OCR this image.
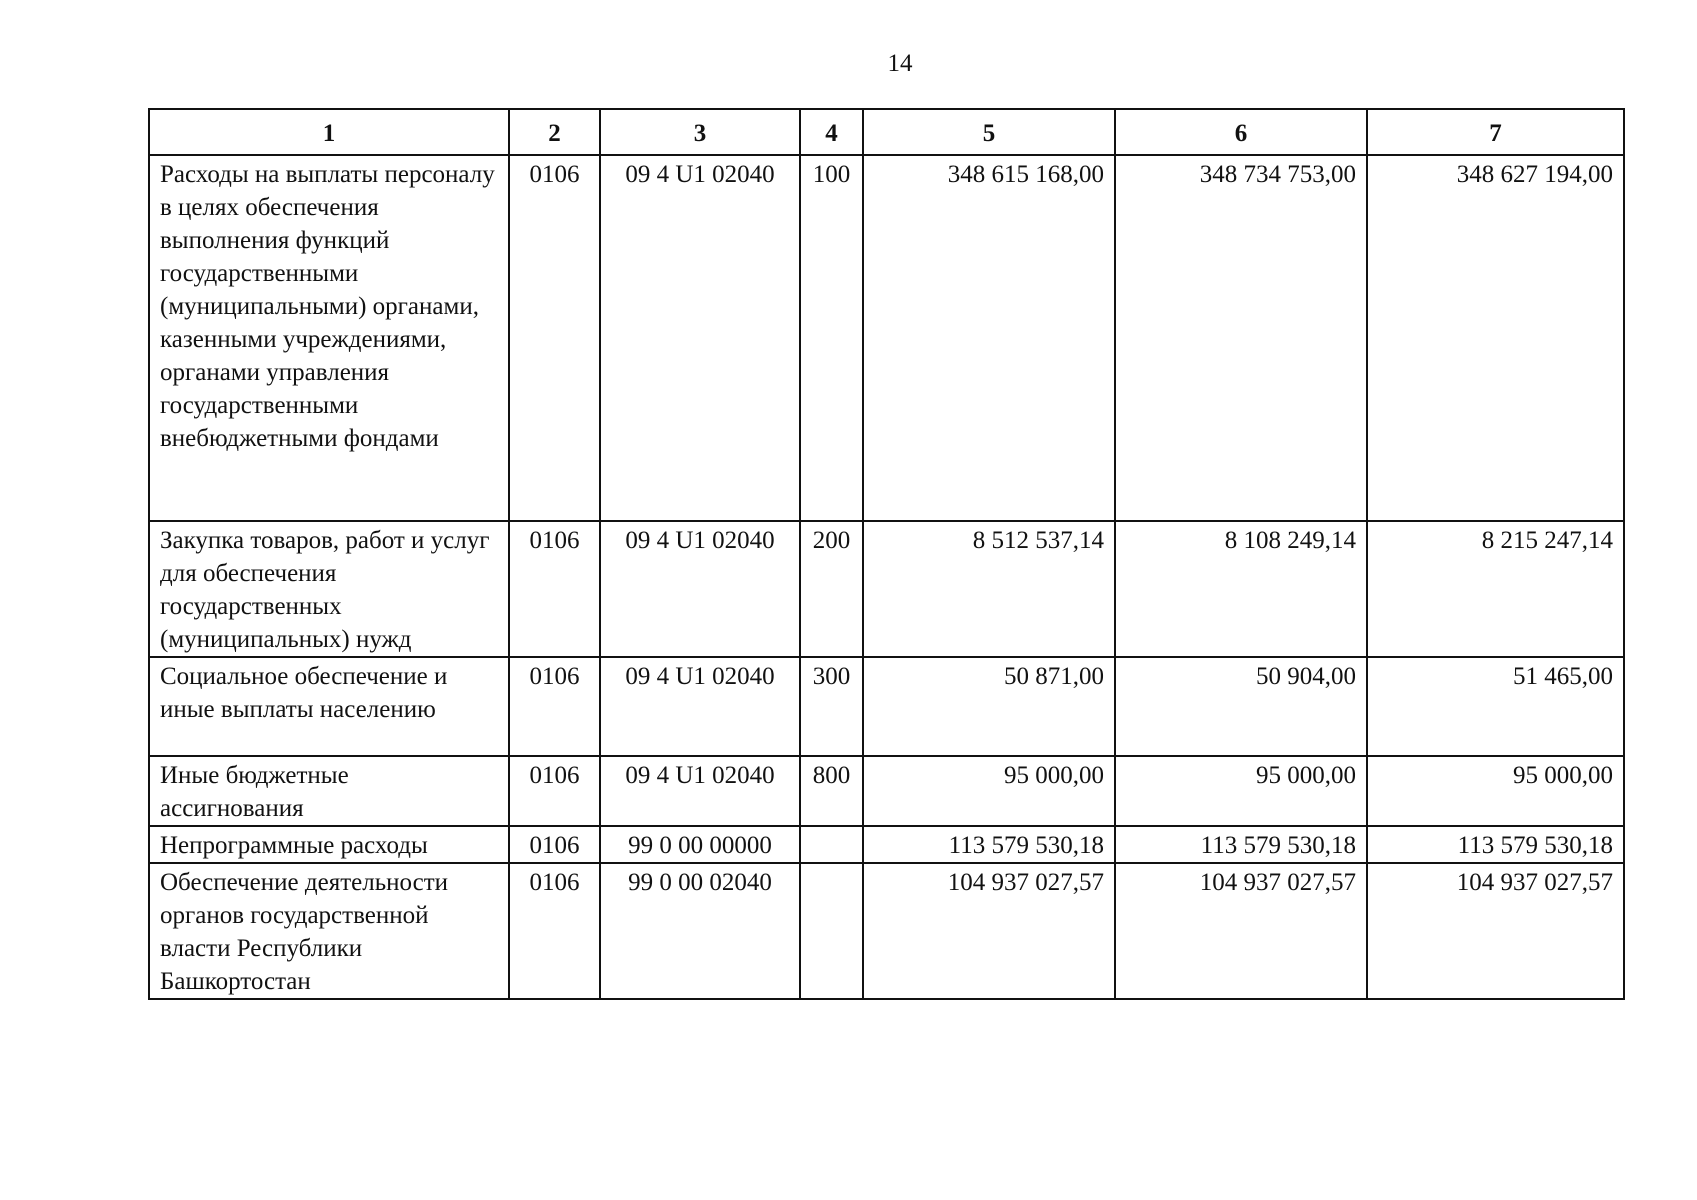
14
1	2	3	4	5	6	7
Расходы на выплаты персоналу в целях обеспечения выполнения функций государственными (муниципальными) органами, казенными учреждениями, органами управления государственными внебюджетными фондами	0106	09 4 U1 02040	100	348 615 168,00	348 734 753,00	348 627 194,00
Закупка товаров, работ и услуг для обеспечения государственных (муниципальных) нужд	0106	09 4 U1 02040	200	8 512 537,14	8 108 249,14	8 215 247,14
Социальное обеспечение и иные выплаты населению	0106	09 4 U1 02040	300	50 871,00	50 904,00	51 465,00
Иные бюджетные ассигнования	0106	09 4 U1 02040	800	95 000,00	95 000,00	95 000,00
Непрограммные расходы	0106	99 0 00 00000		113 579 530,18	113 579 530,18	113 579 530,18
Обеспечение деятельности органов государственной власти Республики Башкортостан	0106	99 0 00 02040		104 937 027,57	104 937 027,57	104 937 027,57
